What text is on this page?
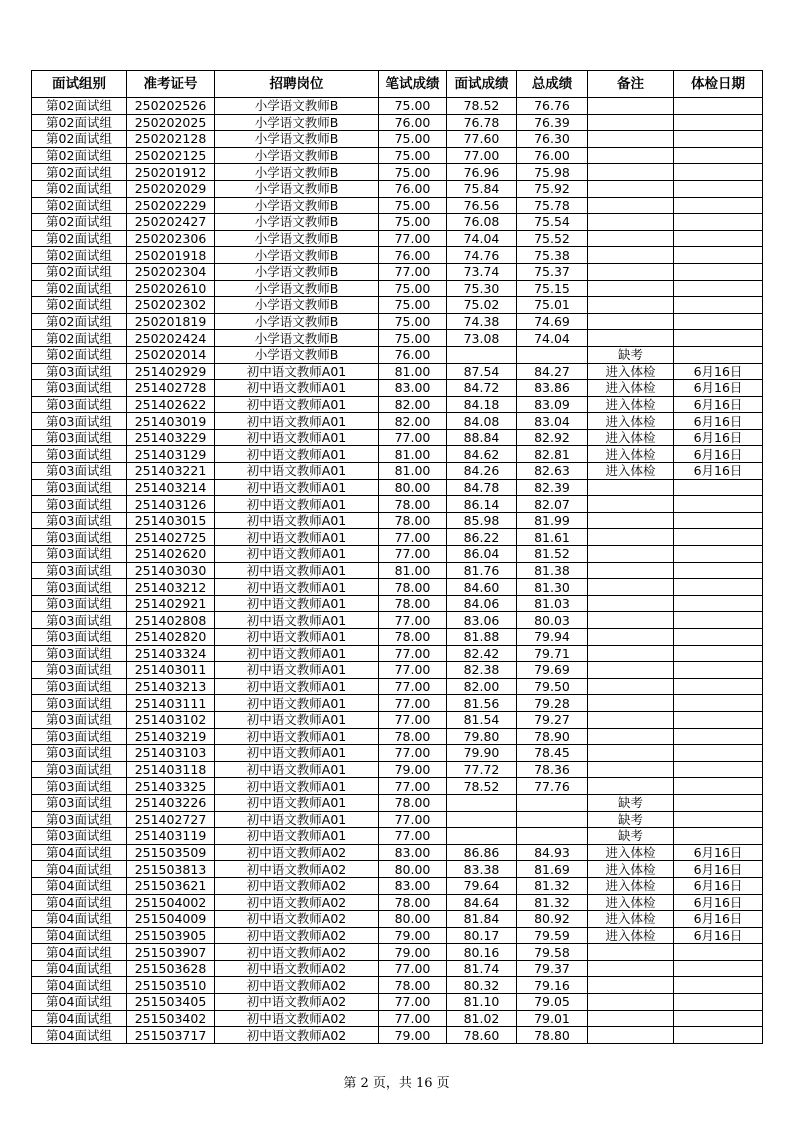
面试组别	准考证号	招聘岗位	笔试成绩	面试成绩	总成绩	备注	体检日期
第02面试组	250202526	小学语文教师B	75.00	78.52	76.76		
第02面试组	250202025	小学语文教师B	76.00	76.78	76.39		
第02面试组	250202128	小学语文教师B	75.00	77.60	76.30		
第02面试组	250202125	小学语文教师B	75.00	77.00	76.00		
第02面试组	250201912	小学语文教师B	75.00	76.96	75.98		
第02面试组	250202029	小学语文教师B	76.00	75.84	75.92		
第02面试组	250202229	小学语文教师B	75.00	76.56	75.78		
第02面试组	250202427	小学语文教师B	75.00	76.08	75.54		
第02面试组	250202306	小学语文教师B	77.00	74.04	75.52		
第02面试组	250201918	小学语文教师B	76.00	74.76	75.38		
第02面试组	250202304	小学语文教师B	77.00	73.74	75.37		
第02面试组	250202610	小学语文教师B	75.00	75.30	75.15		
第02面试组	250202302	小学语文教师B	75.00	75.02	75.01		
第02面试组	250201819	小学语文教师B	75.00	74.38	74.69		
第02面试组	250202424	小学语文教师B	75.00	73.08	74.04		
第02面试组	250202014	小学语文教师B	76.00			缺考	
第03面试组	251402929	初中语文教师A01	81.00	87.54	84.27	进入体检	6月16日
第03面试组	251402728	初中语文教师A01	83.00	84.72	83.86	进入体检	6月16日
第03面试组	251402622	初中语文教师A01	82.00	84.18	83.09	进入体检	6月16日
第03面试组	251403019	初中语文教师A01	82.00	84.08	83.04	进入体检	6月16日
第03面试组	251403229	初中语文教师A01	77.00	88.84	82.92	进入体检	6月16日
第03面试组	251403129	初中语文教师A01	81.00	84.62	82.81	进入体检	6月16日
第03面试组	251403221	初中语文教师A01	81.00	84.26	82.63	进入体检	6月16日
第03面试组	251403214	初中语文教师A01	80.00	84.78	82.39		
第03面试组	251403126	初中语文教师A01	78.00	86.14	82.07		
第03面试组	251403015	初中语文教师A01	78.00	85.98	81.99		
第03面试组	251402725	初中语文教师A01	77.00	86.22	81.61		
第03面试组	251402620	初中语文教师A01	77.00	86.04	81.52		
第03面试组	251403030	初中语文教师A01	81.00	81.76	81.38		
第03面试组	251403212	初中语文教师A01	78.00	84.60	81.30		
第03面试组	251402921	初中语文教师A01	78.00	84.06	81.03		
第03面试组	251402808	初中语文教师A01	77.00	83.06	80.03		
第03面试组	251402820	初中语文教师A01	78.00	81.88	79.94		
第03面试组	251403324	初中语文教师A01	77.00	82.42	79.71		
第03面试组	251403011	初中语文教师A01	77.00	82.38	79.69		
第03面试组	251403213	初中语文教师A01	77.00	82.00	79.50		
第03面试组	251403111	初中语文教师A01	77.00	81.56	79.28		
第03面试组	251403102	初中语文教师A01	77.00	81.54	79.27		
第03面试组	251403219	初中语文教师A01	78.00	79.80	78.90		
第03面试组	251403103	初中语文教师A01	77.00	79.90	78.45		
第03面试组	251403118	初中语文教师A01	79.00	77.72	78.36		
第03面试组	251403325	初中语文教师A01	77.00	78.52	77.76		
第03面试组	251403226	初中语文教师A01	78.00			缺考	
第03面试组	251402727	初中语文教师A01	77.00			缺考	
第03面试组	251403119	初中语文教师A01	77.00			缺考	
第04面试组	251503509	初中语文教师A02	83.00	86.86	84.93	进入体检	6月16日
第04面试组	251503813	初中语文教师A02	80.00	83.38	81.69	进入体检	6月16日
第04面试组	251503621	初中语文教师A02	83.00	79.64	81.32	进入体检	6月16日
第04面试组	251504002	初中语文教师A02	78.00	84.64	81.32	进入体检	6月16日
第04面试组	251504009	初中语文教师A02	80.00	81.84	80.92	进入体检	6月16日
第04面试组	251503905	初中语文教师A02	79.00	80.17	79.59	进入体检	6月16日
第04面试组	251503907	初中语文教师A02	79.00	80.16	79.58		
第04面试组	251503628	初中语文教师A02	77.00	81.74	79.37		
第04面试组	251503510	初中语文教师A02	78.00	80.32	79.16		
第04面试组	251503405	初中语文教师A02	77.00	81.10	79.05		
第04面试组	251503402	初中语文教师A02	77.00	81.02	79.01		
第04面试组	251503717	初中语文教师A02	79.00	78.60	78.80		
第 2 页，共 16 页
